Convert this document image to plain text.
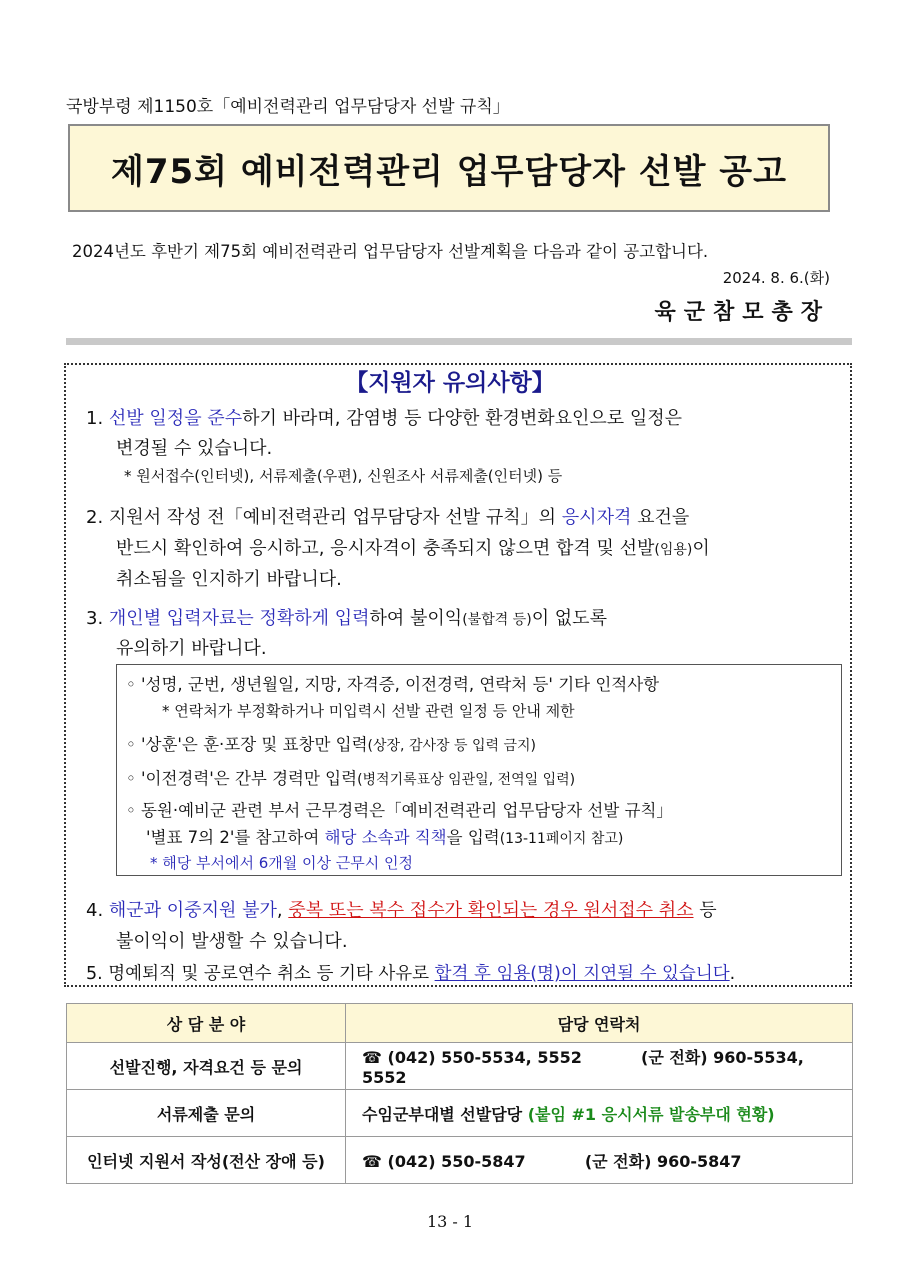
국방부령 제1150호「예비전력관리 업무담당자 선발 규칙」
제75회 예비전력관리 업무담당자 선발 공고
2024년도 후반기 제75회 예비전력관리 업무담당자 선발계획을 다음과 같이 공고합니다.
2024. 8. 6.(화)
육군참모총장
【지원자 유의사항】
1. 선발 일정을 준수하기 바라며, 감염병 등 다양한 환경변화요인으로 일정은
변경될 수 있습니다.
* 원서접수(인터넷), 서류제출(우편), 신원조사 서류제출(인터넷) 등
2. 지원서 작성 전「예비전력관리 업무담당자 선발 규칙」의 응시자격 요건을
반드시 확인하여 응시하고, 응시자격이 충족되지 않으면 합격 및 선발(임용)이
취소됨을 인지하기 바랍니다.
3. 개인별 입력자료는 정확하게 입력하여 불이익(불합격 등)이 없도록
유의하기 바랍니다.
◦ '성명, 군번, 생년월일, 지망, 자격증, 이전경력, 연락처 등' 기타 인적사항
* 연락처가 부정확하거나 미입력시 선발 관련 일정 등 안내 제한
◦ '상훈'은 훈·포장 및 표창만 입력(상장, 감사장 등 입력 금지)
◦ '이전경력'은 간부 경력만 입력(병적기록표상 임관일, 전역일 입력)
◦ 동원·예비군 관련 부서 근무경력은「예비전력관리 업무담당자 선발 규칙」
'별표 7의 2'를 참고하여 해당 소속과 직책을 입력(13-11페이지 참고)
* 해당 부서에서 6개월 이상 근무시 인정
4. 해군과 이중지원 불가, 중복 또는 복수 접수가 확인되는 경우 원서접수 취소 등
불이익이 발생할 수 있습니다.
5. 명예퇴직 및 공로연수 취소 등 기타 사유로 합격 후 임용(명)이 지연될 수 있습니다.
상 담 분 야	담당 연락처
선발진행, 자격요건 등 문의	☎ (042) 550-5534, 5552 (군 전화) 960-5534, 5552
서류제출 문의	수임군부대별 선발담당 (붙임 #1 응시서류 발송부대 현황)
인터넷 지원서 작성(전산 장애 등)	☎ (042) 550-5847 (군 전화) 960-5847
13 - 1
